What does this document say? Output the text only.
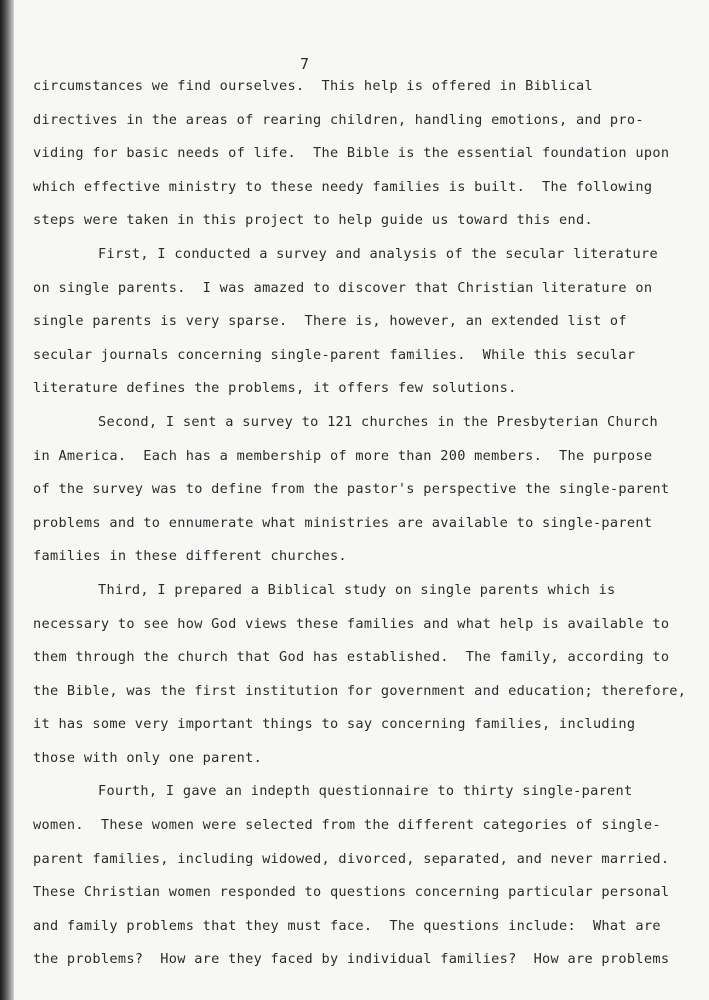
7
circumstances we find ourselves.  This help is offered in Biblical
directives in the areas of rearing children, handling emotions, and pro-
viding for basic needs of life.  The Bible is the essential foundation upon
which effective ministry to these needy families is built.  The following
steps were taken in this project to help guide us toward this end.
First, I conducted a survey and analysis of the secular literature
on single parents.  I was amazed to discover that Christian literature on
single parents is very sparse.  There is, however, an extended list of
secular journals concerning single-parent families.  While this secular
literature defines the problems, it offers few solutions.
Second, I sent a survey to 121 churches in the Presbyterian Church
in America.  Each has a membership of more than 200 members.  The purpose
of the survey was to define from the pastor's perspective the single-parent
problems and to ennumerate what ministries are available to single-parent
families in these different churches.
Third, I prepared a Biblical study on single parents which is
necessary to see how God views these families and what help is available to
them through the church that God has established.  The family, according to
the Bible, was the first institution for government and education; therefore,
it has some very important things to say concerning families, including
those with only one parent.
Fourth, I gave an indepth questionnaire to thirty single-parent
women.  These women were selected from the different categories of single-
parent families, including widowed, divorced, separated, and never married.
These Christian women responded to questions concerning particular personal
and family problems that they must face.  The questions include:  What are
the problems?  How are they faced by individual families?  How are problems
